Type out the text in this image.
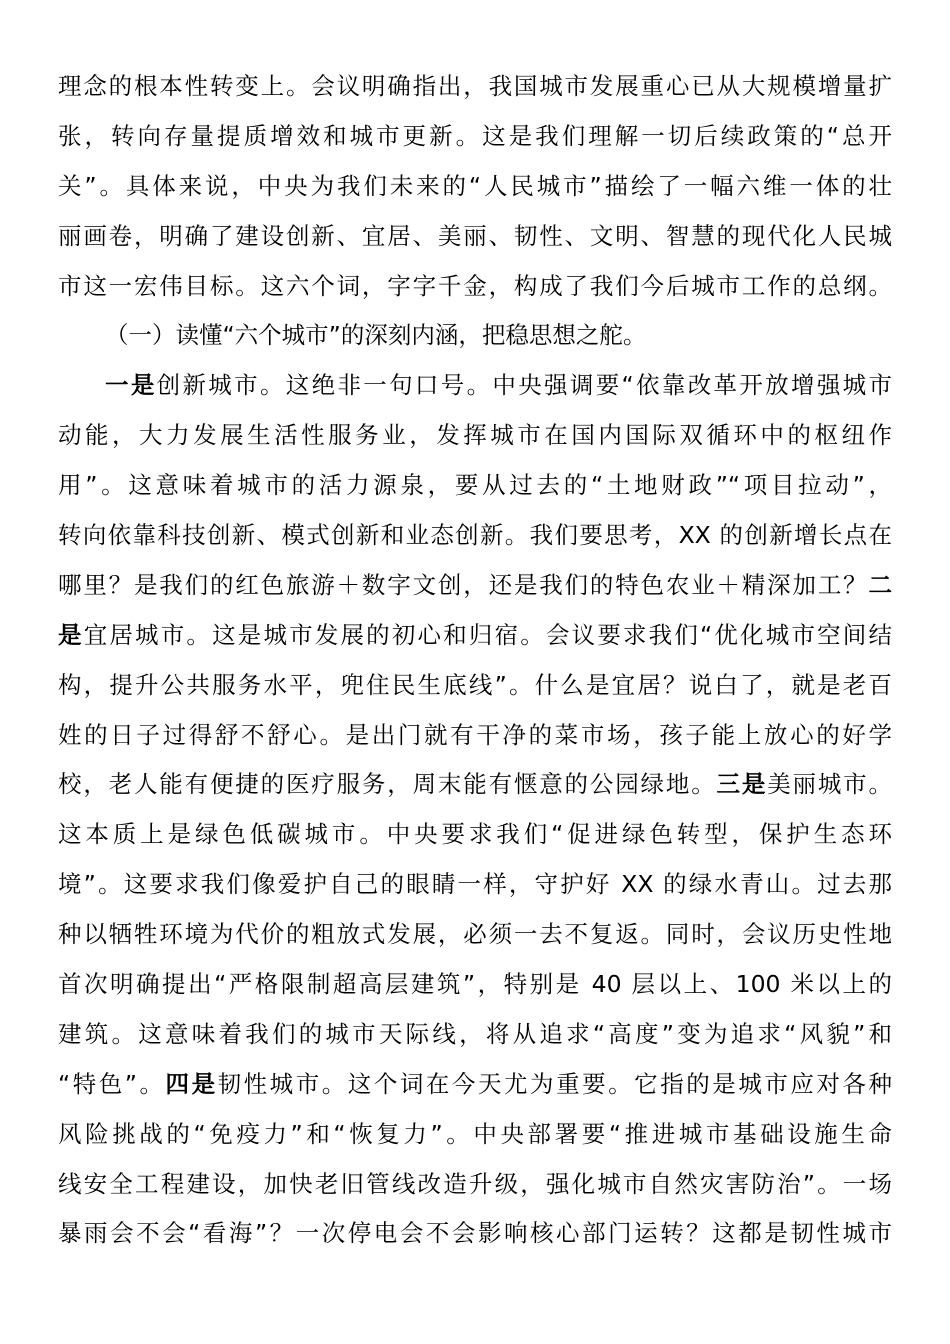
理念的根本性转变上。会议明确指出，我国城市发展重心已从大规模增量扩
张，转向存量提质增效和城市更新。这是我们理解一切后续政策的“总开
关”。具体来说，中央为我们未来的“人民城市”描绘了一幅六维一体的壮
丽画卷，明确了建设创新、宜居、美丽、韧性、文明、智慧的现代化人民城
市这一宏伟目标。这六个词，字字千金，构成了我们今后城市工作的总纲。
（一）读懂“六个城市”的深刻内涵，把稳思想之舵。
一是创新城市。这绝非一句口号。中央强调要“依靠改革开放增强城市
动能，大力发展生活性服务业，发挥城市在国内国际双循环中的枢纽作
用”。这意味着城市的活力源泉，要从过去的“土地财政”“项目拉动”，
转向依靠科技创新、模式创新和业态创新。我们要思考，XX 的创新增长点在
哪里？是我们的红色旅游＋数字文创，还是我们的特色农业＋精深加工？二
是宜居城市。这是城市发展的初心和归宿。会议要求我们“优化城市空间结
构，提升公共服务水平，兜住民生底线”。什么是宜居？说白了，就是老百
姓的日子过得舒不舒心。是出门就有干净的菜市场，孩子能上放心的好学
校，老人能有便捷的医疗服务，周末能有惬意的公园绿地。三是美丽城市。
这本质上是绿色低碳城市。中央要求我们“促进绿色转型，保护生态环
境”。这要求我们像爱护自己的眼睛一样，守护好 XX 的绿水青山。过去那
种以牺牲环境为代价的粗放式发展，必须一去不复返。同时，会议历史性地
首次明确提出“严格限制超高层建筑”，特别是 40 层以上、100 米以上的
建筑。这意味着我们的城市天际线，将从追求“高度”变为追求“风貌”和
“特色”。四是韧性城市。这个词在今天尤为重要。它指的是城市应对各种
风险挑战的“免疫力”和“恢复力”。中央部署要“推进城市基础设施生命
线安全工程建设，加快老旧管线改造升级，强化城市自然灾害防治”。一场
暴雨会不会“看海”？一次停电会不会影响核心部门运转？这都是韧性城市
